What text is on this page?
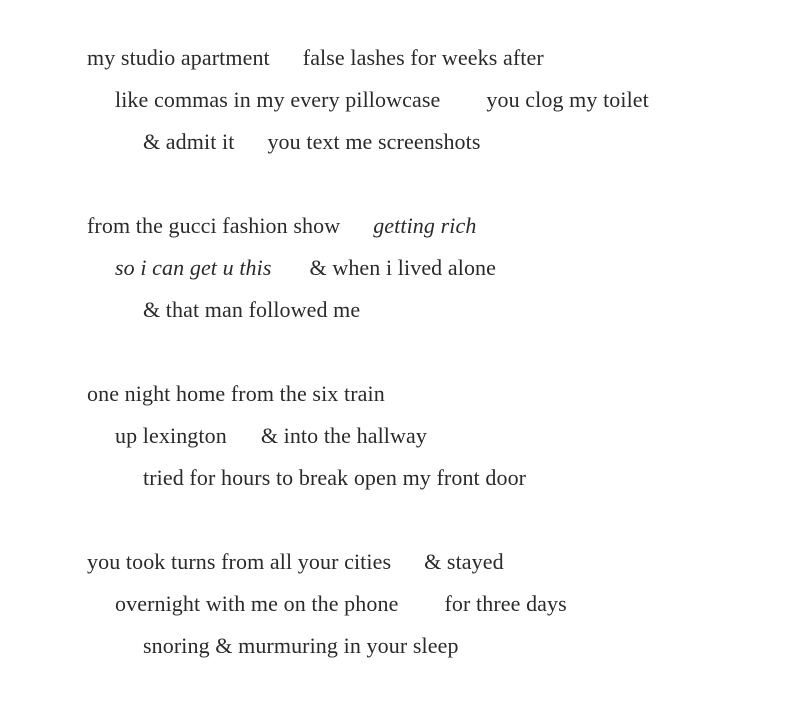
my studio apartment false lashes for weeks after
like commas in my every pillowcase you clog my toilet
& admit it you text me screenshots
from the gucci fashion show getting rich
so i can get u this & when i lived alone
& that man followed me
one night home from the six train
up lexington & into the hallway
tried for hours to break open my front door
you took turns from all your cities & stayed
overnight with me on the phone for three days
snoring & murmuring in your sleep
